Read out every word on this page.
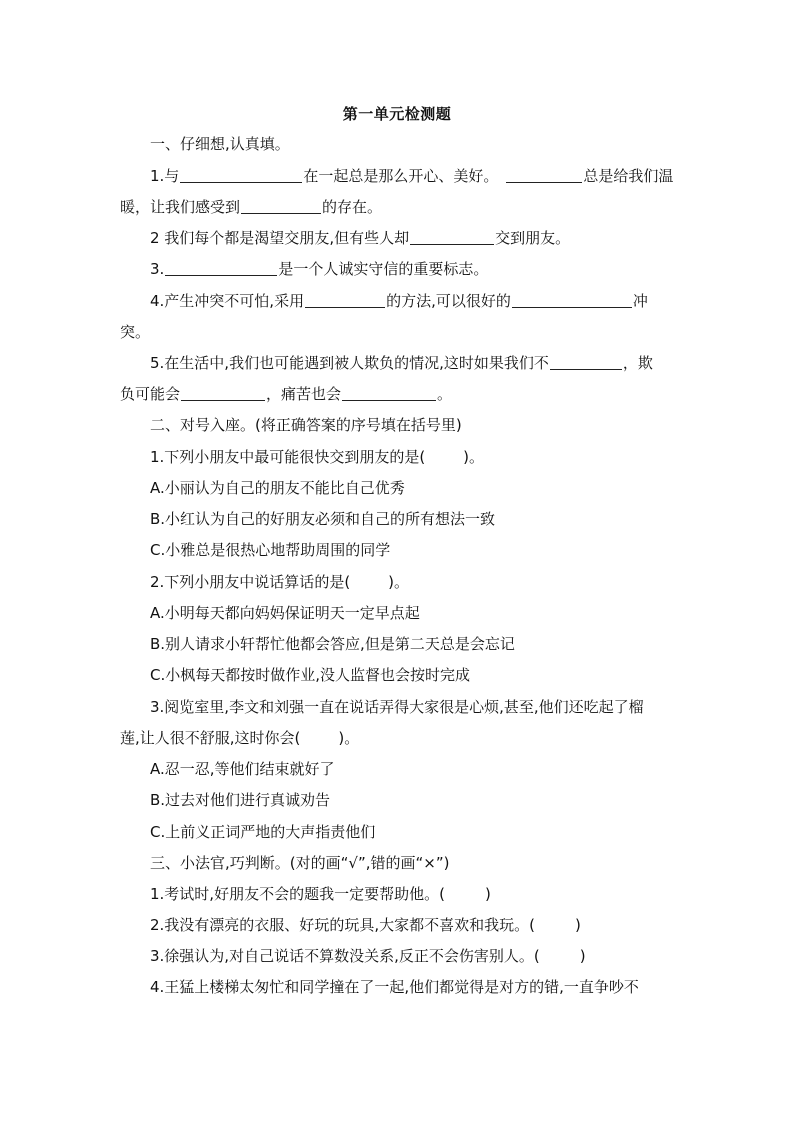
第一单元检测题
一、仔细想,认真填。
1.与	在一起总是那么开心、美好。	总是给我们温
暖，让我们感受到	的存在。
2 我们每个都是渴望交朋友,但有些人却	交到朋友。
3.	是一个人诚实守信的重要标志。
4.产生冲突不可怕,采用	的方法,可以很好的	冲
突。
5.在生活中,我们也可能遇到被人欺负的情况,这时如果我们不	，欺
负可能会	，痛苦也会	。
二、对号入座。(将正确答案的序号填在括号里)
1.下列小朋友中最可能很快交到朋友的是(	)。
A.小丽认为自己的朋友不能比自己优秀
B.小红认为自己的好朋友必须和自己的所有想法一致
C.小雅总是很热心地帮助周围的同学
2.下列小朋友中说话算话的是(	)。
A.小明每天都向妈妈保证明天一定早点起
B.别人请求小轩帮忙他都会答应,但是第二天总是会忘记
C.小枫每天都按时做作业,没人监督也会按时完成
3.阅览室里,李文和刘强一直在说话弄得大家很是心烦,甚至,他们还吃起了榴
莲,让人很不舒服,这时你会(	)。
A.忍一忍,等他们结束就好了
B.过去对他们进行真诚劝告
C.上前义正词严地的大声指责他们
三、小法官,巧判断。(对的画“√”,错的画“×”)
1.考试时,好朋友不会的题我一定要帮助他。(	)
2.我没有漂亮的衣服、好玩的玩具,大家都不喜欢和我玩。(	)
3.徐强认为,对自己说话不算数没关系,反正不会伤害别人。(	)
4.王猛上楼梯太匆忙和同学撞在了一起,他们都觉得是对方的错,一直争吵不
